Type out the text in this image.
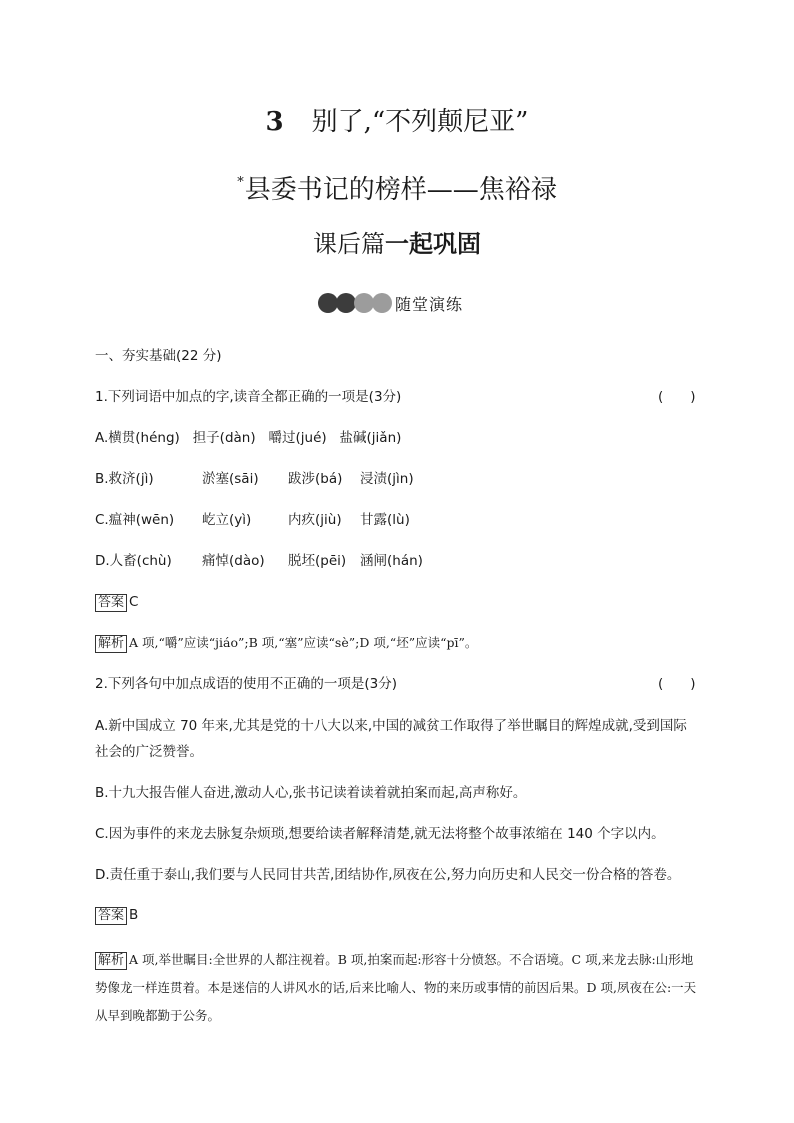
3 别了,“不列颠尼亚”
*县委书记的榜样——焦裕禄
课后篇一起巩固
随堂演练
一、夯实基础(22 分)
1.下列词语中加点的字,读音全都正确的一项是(3分)	(　　)
A.横贯(héng) 担子(dàn) 嚼过(jué) 盐碱(jiǎn)
B.救济(jì)	淤塞(sāi) 跋涉(bá) 浸渍(jìn)
C.瘟神(wēn) 屹立(yì)	内疚(jiù) 甘露(lù)
D.人畜(chù) 痛悼(dào) 脱坯(pēi) 涵闸(hán)
答案 C
解析 A 项,“嚼”应读“jiáo”;B 项,“塞”应读“sè”;D 项,“坯”应读“pī”。
2.下列各句中加点成语的使用不正确的一项是(3分)	(　　)
A.新中国成立 70 年来,尤其是党的十八大以来,中国的减贫工作取得了举世瞩目的辉煌成就,受到国际社会的广泛赞誉。
B.十九大报告催人奋进,激动人心,张书记读着读着就拍案而起,高声称好。
C.因为事件的来龙去脉复杂烦琐,想要给读者解释清楚,就无法将整个故事浓缩在 140 个字以内。
D.责任重于泰山,我们要与人民同甘共苦,团结协作,夙夜在公,努力向历史和人民交一份合格的答卷。
答案 B
解析 A 项,举世瞩目:全世界的人都注视着。B 项,拍案而起:形容十分愤怒。不合语境。C 项,来龙去脉:山形地势像龙一样连贯着。本是迷信的人讲风水的话,后来比喻人、物的来历或事情的前因后果。D 项,夙夜在公:一天从早到晚都勤于公务。
